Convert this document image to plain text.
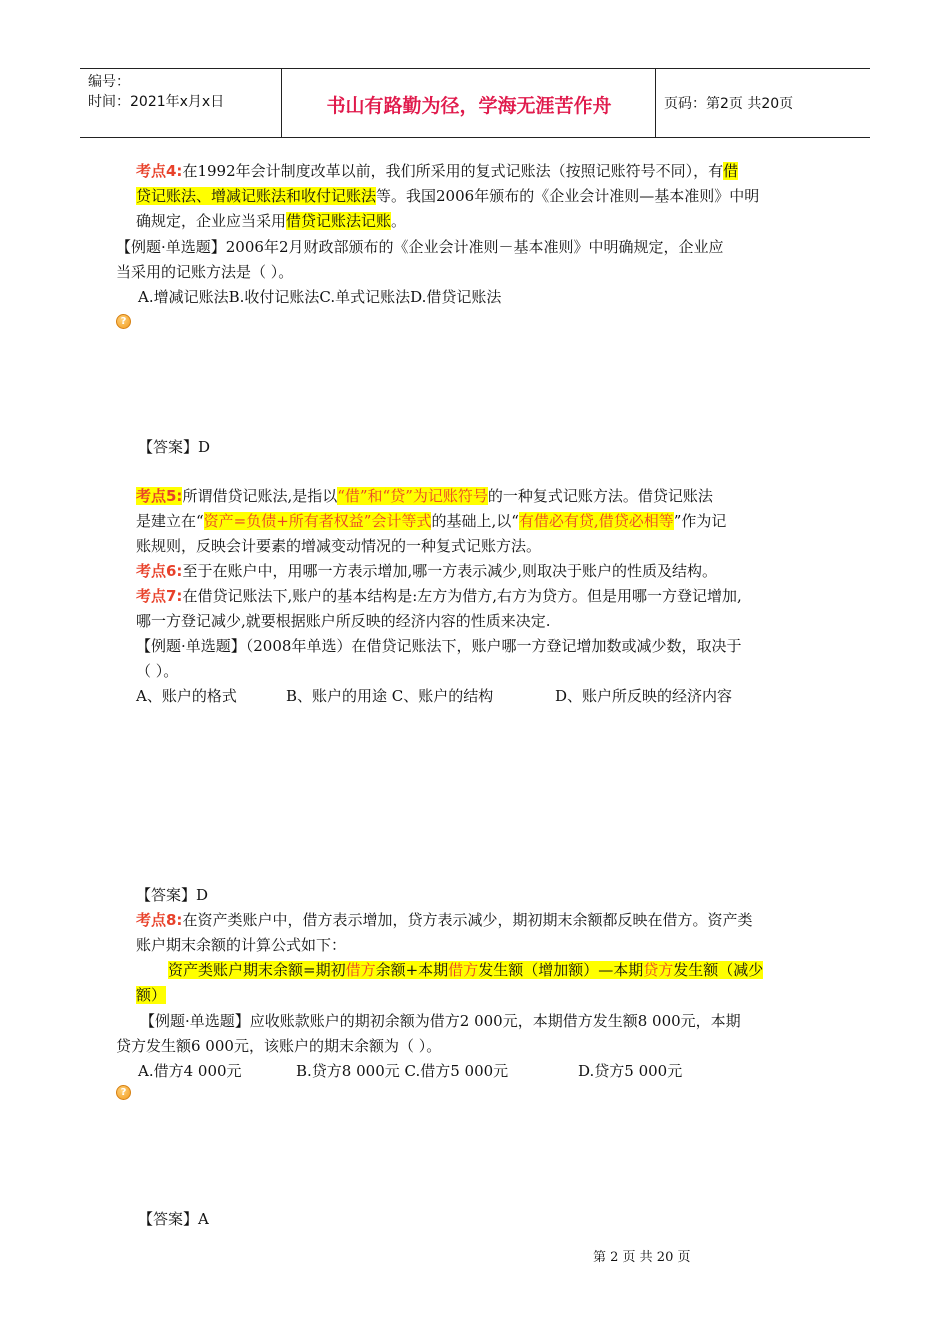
编号：
时间：2021年x月x日	书山有路勤为径，学海无涯苦作舟	页码：第2页 共20页
考点4:在1992年会计制度改革以前，我们所采用的复式记账法（按照记账符号不同），有借
贷记账法、增减记账法和收付记账法等。我国2006年颁布的《企业会计准则—基本准则》中明
确规定，企业应当采用借贷记账法记账。
【例题·单选题】2006年2月财政部颁布的《企业会计准则－基本准则》中明确规定，企业应
当采用的记账方法是（ ）。
A.增减记账法B.收付记账法C.单式记账法D.借贷记账法
?
【答案】D
考点5:所谓借贷记账法,是指以“借”和“贷”为记账符号的一种复式记账方法。借贷记账法
是建立在“资产=负债+所有者权益”会计等式的基础上,以“有借必有贷,借贷必相等”作为记
账规则，反映会计要素的增减变动情况的一种复式记账方法。
考点6:至于在账户中，用哪一方表示增加,哪一方表示减少,则取决于账户的性质及结构。
考点7:在借贷记账法下,账户的基本结构是:左方为借方,右方为贷方。但是用哪一方登记增加,
哪一方登记减少,就要根据账户所反映的经济内容的性质来决定.
【例题·单选题】（2008年单选）在借贷记账法下，账户哪一方登记增加数或减少数，取决于
（ ）。
A、账户的格式	B、账户的用途 C、账户的结构	D、账户所反映的经济内容
【答案】D
考点8:在资产类账户中，借方表示增加，贷方表示减少，期初期末余额都反映在借方。资产类
账户期末余额的计算公式如下：
资产类账户期末余额=期初借方余额+本期借方发生额（增加额）—本期贷方发生额（减少
额）
【例题·单选题】应收账款账户的期初余额为借方2 000元，本期借方发生额8 000元，本期
贷方发生额6 000元，该账户的期末余额为（ ）。
A.借方4 000元	B.贷方8 000元 C.借方5 000元	D.贷方5 000元
?
【答案】A
第 2 页 共 20 页
